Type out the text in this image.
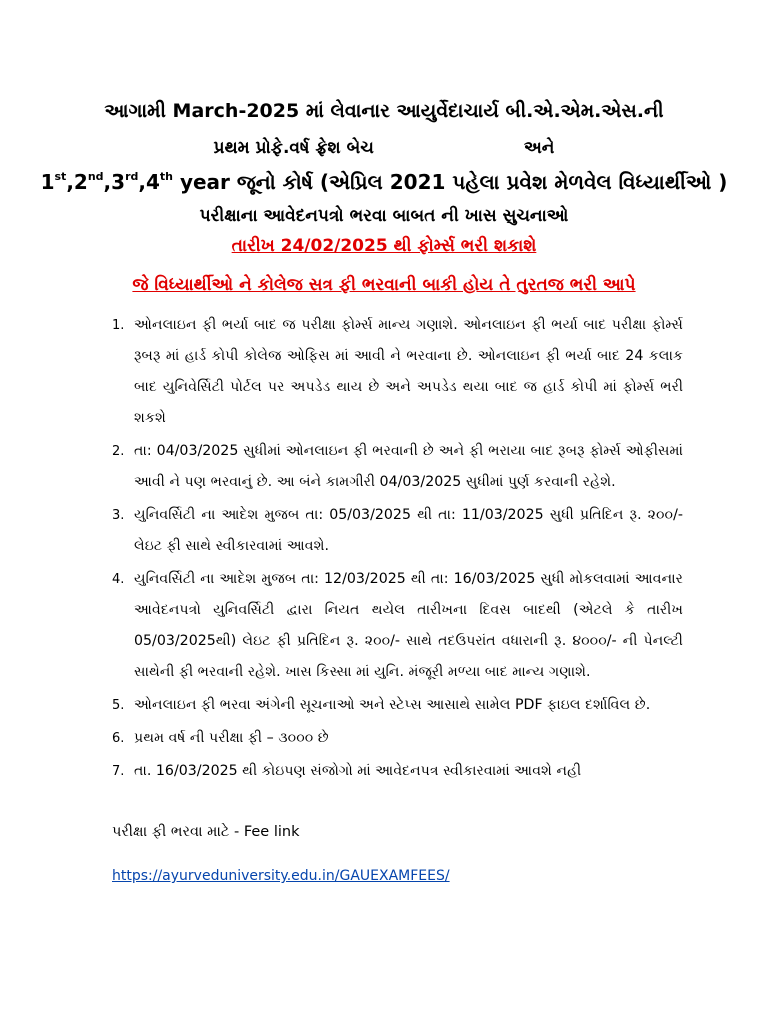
આગામી March-2025 માં લેવાનાર આયુર્વેદાચાર્ય બી.એ.એમ.એસ.ની
પ્રથમ પ્રોફે.વર્ષ ફ્રેશ બેચ	અને
1st,2nd,3rd,4th year જૂનો કોર્ષ (એપ્રિલ 2021 પહેલા પ્રવેશ મેળવેલ વિધ્યાર્થીઓ )
પરીક્ષાના આવેદનપત્રો ભરવા બાબત ની ખાસ સુચનાઓ
તારીખ 24/02/2025 થી ફોર્મ્સ ભરી શકાશે
જે વિધ્યાર્થીઓ ને કોલેજ સત્ર ફી ભરવાની બાકી હોય તે તુરતજ ભરી આપે
1. ઓનલાઇન ફી ભર્યા બાદ જ પરીક્ષા ફોર્મ્સ માન્ય ગણાશે. ઓનલાઇન ફી ભર્યા બાદ પરીક્ષા ફોર્મ્સ રૂબરૂ માં હાર્ડ કોપી કોલેજ ઓફિસ માં આવી ને ભરવાના છે. ઓનલાઇન ફી ભર્યા બાદ 24 કલાક બાદ યુનિવેર્સિટી પોર્ટલ પર અપડેડ થાય છે અને અપડેડ થયા બાદ જ હાર્ડ કોપી માં ફોર્મ્સ ભરી શકશે
2. તા: 04/03/2025 સુધીમાં ઓનલાઇન ફી ભરવાની છે અને ફી ભરાયા બાદ રૂબરૂ ફોર્મ્સ ઓફીસમાં આવી ને પણ ભરવાનું છે. આ બંને કામગીરી 04/03/2025 સુધીમાં પુર્ણ કરવાની રહેશે.
3. યુનિવર્સિટી ના આદેશ મુજબ તા: 05/03/2025 થી તા: 11/03/2025 સુધી પ્રતિદિન રૂ. ૨૦૦/- લેઇટ ફી સાથે સ્વીકારવામાં આવશે.
4. યુનિવર્સિટી ના આદેશ મુજબ તા: 12/03/2025 થી તા: 16/03/2025 સુધી મોકલવામાં આવનાર આવેદનપત્રો યુનિવર્સિટી દ્વારા નિયત થયેલ તારીખના દિવસ બાદથી (એટલે કે તારીખ 05/03/2025થી) લેઇટ ફી પ્રતિદિન રૂ. ૨૦૦/- સાથે તદઉપરાંત વધારાની રૂ. ૪૦૦૦/- ની પેનલ્ટી સાથેની ફી ભરવાની રહેશે. ખાસ કિસ્સા માં યુનિ. મંજૂરી મળ્યા બાદ માન્ય ગણાશે.
5. ઓનલાઇન ફી ભરવા અંગેની સૂચનાઓ અને સ્ટેપ્સ આસાથે સામેલ PDF ફાઇલ દર્શાવિલ છે.
6. પ્રથમ વર્ષ ની પરીક્ષા ફી – ૩૦૦૦ છે
7. તા. 16/03/2025 થી કોઇપણ સંજોગો માં આવેદનપત્ર સ્વીકારવામાં આવશે નહી
પરીક્ષા ફી ભરવા માટે - Fee link
https://ayurveduniversity.edu.in/GAUEXAMFEES/
